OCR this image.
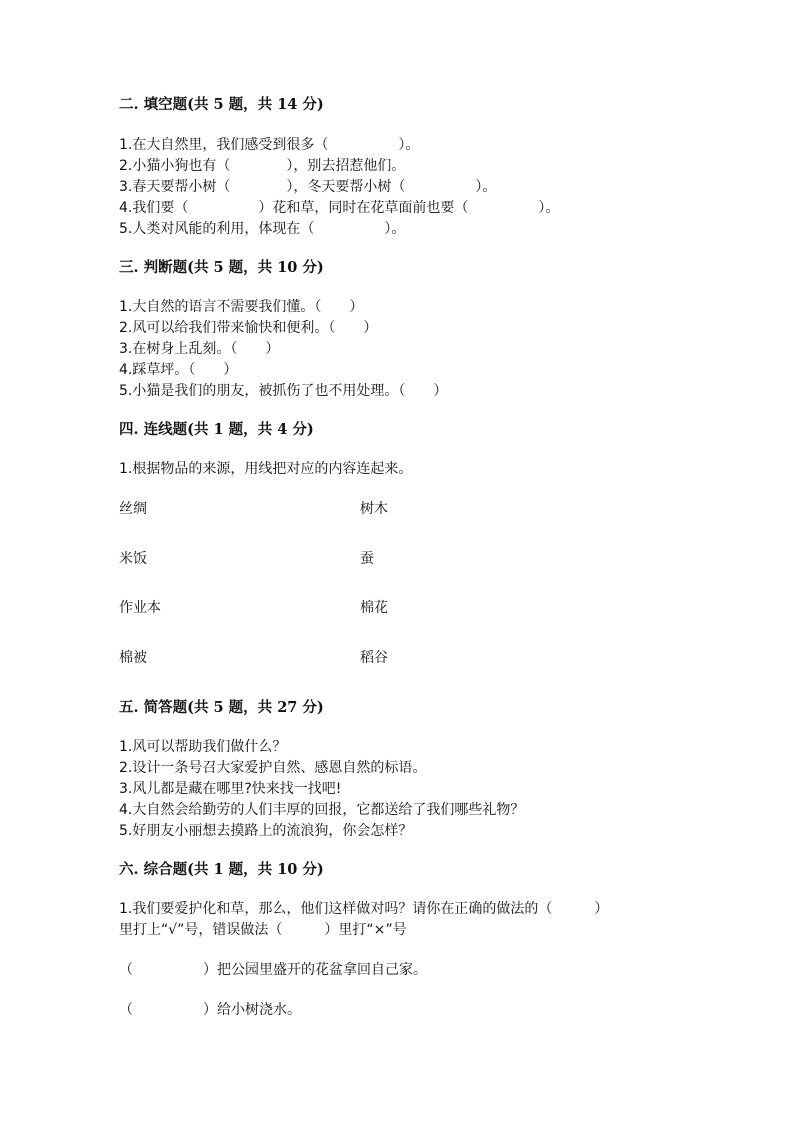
二. 填空题(共 5 题，共 14 分)
1.在大自然里，我们感受到很多（　　　　　）。
2.小猫小狗也有（　　　　），别去招惹他们。
3.春天要帮小树（　　　　），冬天要帮小树（　　　　　）。
4.我们要（　　　　　）花和草，同时在花草面前也要（　　　　　）。
5.人类对风能的利用，体现在（　　　　　）。
三. 判断题(共 5 题，共 10 分)
1.大自然的语言不需要我们懂。（　　）
2.风可以给我们带来愉快和便利。（　　）
3.在树身上乱刻。（　　）
4.踩草坪。（　　）
5.小猫是我们的朋友，被抓伤了也不用处理。（　　）
四. 连线题(共 1 题，共 4 分)
1.根据物品的来源，用线把对应的内容连起来。
丝绸	树木
米饭	蚕
作业本	棉花
棉被	稻谷
五. 简答题(共 5 题，共 27 分)
1.风可以帮助我们做什么？
2.设计一条号召大家爱护自然、感恩自然的标语。
3.风儿都是藏在哪里?快来找一找吧!
4.大自然会给勤劳的人们丰厚的回报，它都送给了我们哪些礼物？
5.好朋友小丽想去摸路上的流浪狗，你会怎样？
六. 综合题(共 1 题，共 10 分)
1.我们要爱护化和草，那么，他们这样做对吗？请你在正确的做法的（　　　）
里打上“√”号，错误做法（　　　）里打“×”号
（　　　　　）把公园里盛开的花盆拿回自己家。
（　　　　　）给小树浇水。
